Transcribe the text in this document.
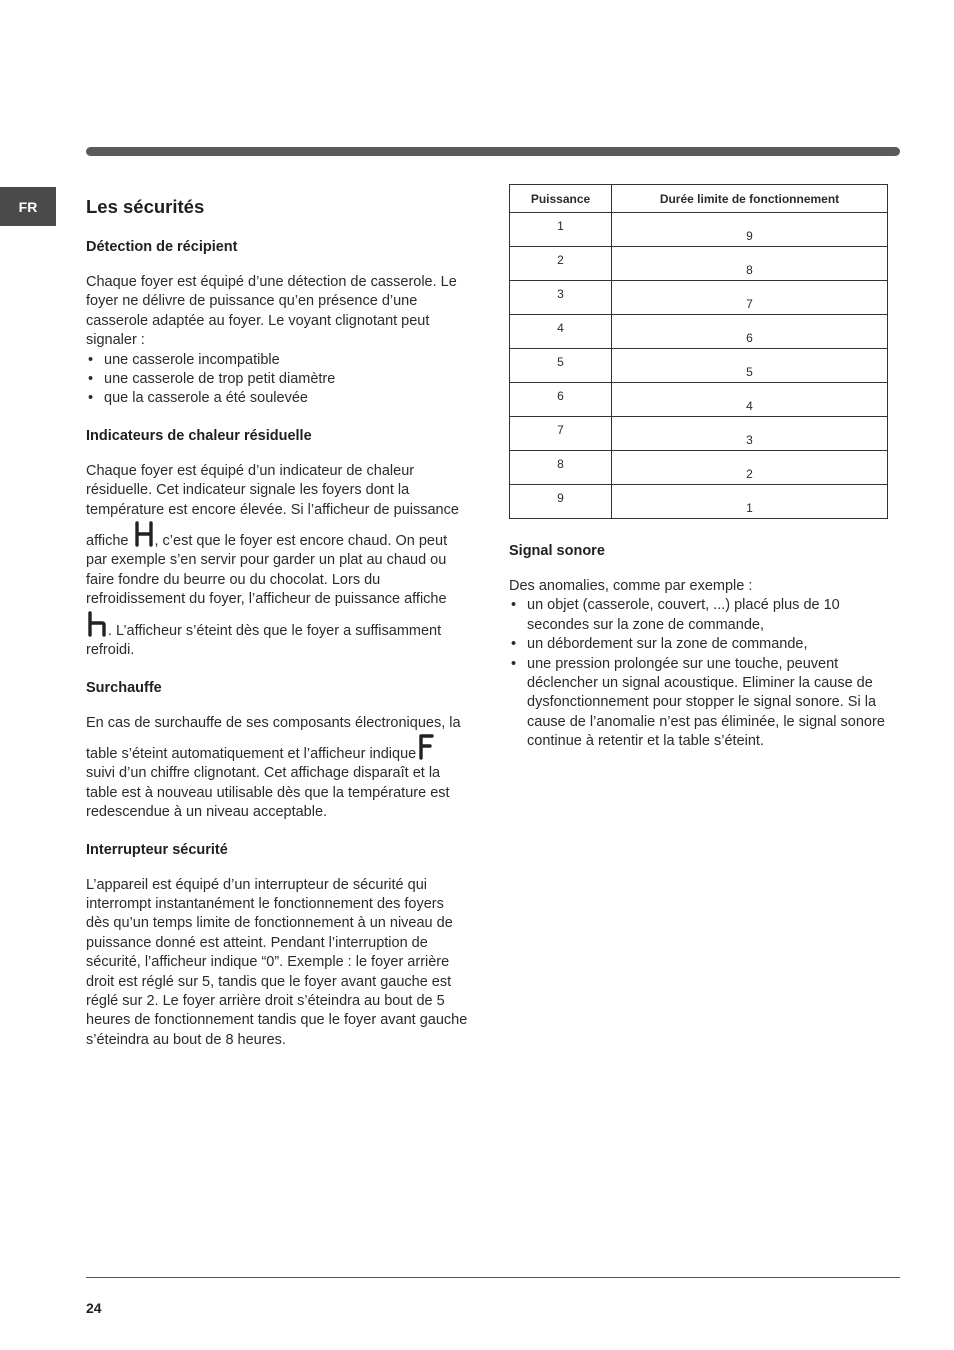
FR	Les sécurités
Détection de récipient

Chaque foyer est équipé d’une détection de casserole. Le foyer ne délivre de puissance qu’en présence d’une casserole adaptée au foyer. Le voyant clignotant peut signaler :

• une casserole incompatible
• une casserole de trop petit diamètre
• que la casserole a été soulevée
Indicateurs de chaleur résiduelle

Chaque foyer est équipé d’un indicateur de chaleur résiduelle. Cet indicateur signale les foyers dont la température est encore élevée. Si l’afficheur de puissance affiche , c’est que le foyer est encore chaud. On peut par exemple s’en servir pour garder un plat au chaud ou faire fondre du beurre ou du chocolat. Lors du refroidissement du foyer, l’afficheur de puissance affiche . L’afficheur s’éteint dès que le foyer a suffisamment refroidi.

Surchauffe

En cas de surchauffe de ses composants électroniques, la table s’éteint automatiquement et l’afficheur indique suivi d’un chiffre clignotant. Cet affichage disparaît et la table est à nouveau utilisable dès que la température est redescendue à un niveau acceptable.

Interrupteur sécurité

L’appareil est équipé d’un interrupteur de sécurité qui interrompt instantanément le fonctionnement des foyers dès qu’un temps limite de fonctionnement à un niveau de puissance donné est atteint. Pendant l’interruption de sécurité, l’afficheur indique “0”. Exemple : le foyer arrière droit est réglé sur 5, tandis que le foyer avant gauche est réglé sur 2. Le foyer arrière droit s’éteindra au bout de 5 heures de fonctionnement tandis que le foyer avant gauche s’éteindra au bout de 8 heures.

Puissance	Durée limite de fonctionnement
1	9
2	8
3	7
4	6
5	5
6	4
7	3
8	2
9	1
Signal sonore

Des anomalies, comme par exemple :

• un objet (casserole, couvert, ...) placé plus de 10 secondes sur la zone de commande,
• un débordement sur la zone de commande,
• une pression prolongée sur une touche, peuvent déclencher un signal acoustique. Eliminer la cause de dysfonctionnement pour stopper le signal sonore. Si la cause de l’anomalie n’est pas éliminée, le signal sonore continue à retentir et la table s’éteint.
24
